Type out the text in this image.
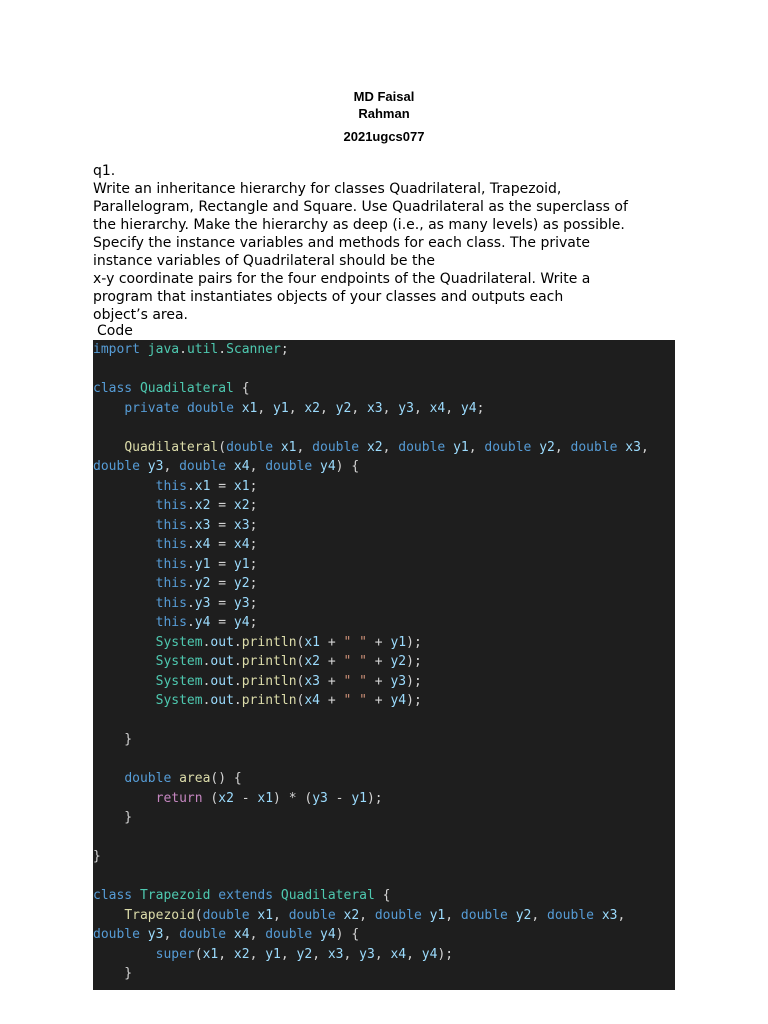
MD Faisal
Rahman
2021ugcs077

q1.

Write an inheritance hierarchy for classes Quadrilateral, Trapezoid,

Parallelogram, Rectangle and Square. Use Quadrilateral as the superclass of

the hierarchy. Make the hierarchy as deep (i.e., as many levels) as possible.

Specify the instance variables and methods for each class. The private

instance variables of Quadrilateral should be the

x-y coordinate pairs for the four endpoints of the Quadrilateral. Write a

program that instantiates objects of your classes and outputs each

object’s area.

Code
import java.util.Scanner;
class Quadilateral {
private double x1, y1, x2, y2, x3, y3, x4, y4;
Quadilateral(double x1, double x2, double y1, double y2, double x3,
double y3, double x4, double y4) {
this.x1 = x1;
this.x2 = x2;
this.x3 = x3;
this.x4 = x4;
this.y1 = y1;
this.y2 = y2;
this.y3 = y3;
this.y4 = y4;
System.out.println(x1 + " " + y1);
System.out.println(x2 + " " + y2);
System.out.println(x3 + " " + y3);
System.out.println(x4 + " " + y4);
}
double area() {
return (x2 - x1) * (y3 - y1);
}
}
class Trapezoid extends Quadilateral {
Trapezoid(double x1, double x2, double y1, double y2, double x3,
double y3, double x4, double y4) {
super(x1, x2, y1, y2, x3, y3, x4, y4);
}
